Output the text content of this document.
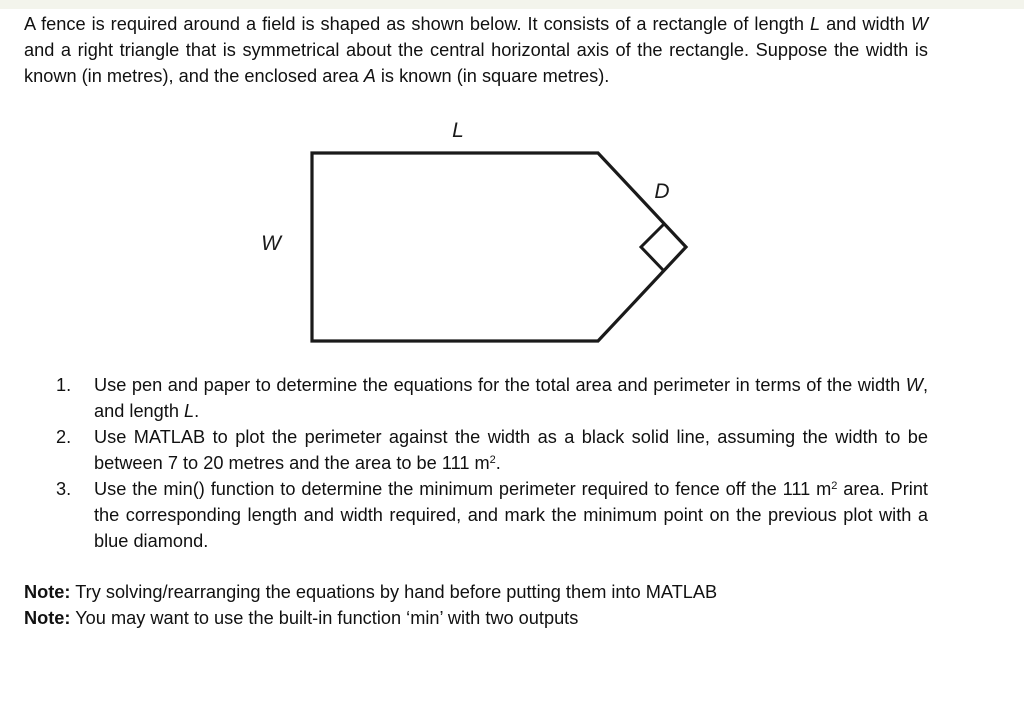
A fence is required around a field is shaped as shown below. It consists of a rectangle of length L and width W and a right triangle that is symmetrical about the central horizontal axis of the rectangle. Suppose the width is known (in metres), and the enclosed area A is known (in square metres).

L
W
D
1. Use pen and paper to determine the equations for the total area and perimeter in terms of the width W, and length L.
2. Use MATLAB to plot the perimeter against the width as a black solid line, assuming the width to be between 7 to 20 metres and the area to be 111 $m^2$.
3. Use the min() function to determine the minimum perimeter required to fence off the 111 $m^2$ area. Print the corresponding length and width required, and mark the minimum point on the previous plot with a blue diamond.
Note: Try solving/rearranging the equations by hand before putting them into MATLAB
Note: You may want to use the built-in function ‘min’ with two outputs
